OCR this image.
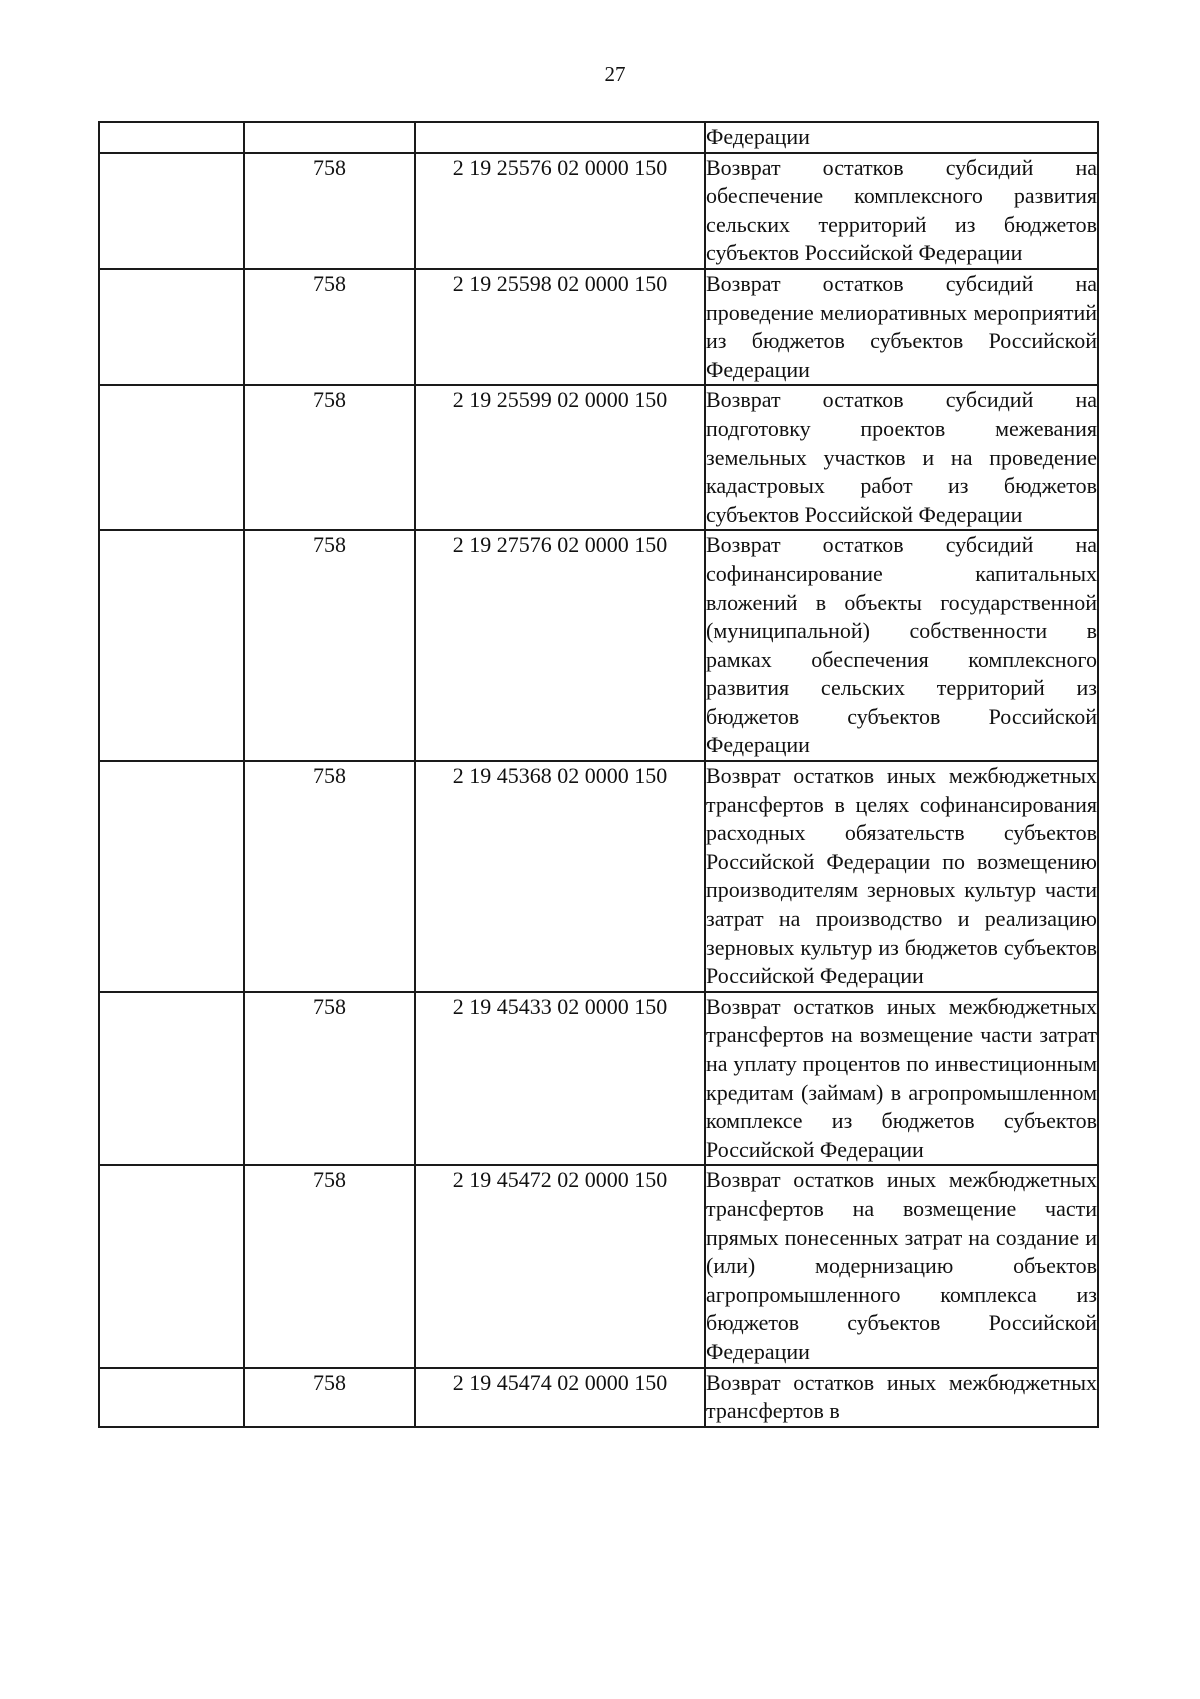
27
			Федерации
	758	2 19 25576 02 0000 150	Возврат остатков субсидий на обеспечение комплексного развития сельских территорий из бюджетов субъектов Российской Федерации
	758	2 19 25598 02 0000 150	Возврат остатков субсидий на проведение мелиоративных мероприятий из бюджетов субъектов Российской Федерации
	758	2 19 25599 02 0000 150	Возврат остатков субсидий на подготовку проектов межевания земельных участков и на проведение кадастровых работ из бюджетов субъектов Российской Федерации
	758	2 19 27576 02 0000 150	Возврат остатков субсидий на софинансирование капитальных вложений в объекты государственной (муниципальной) собственности в рамках обеспечения комплексного развития сельских территорий из бюджетов субъектов Российской Федерации
	758	2 19 45368 02 0000 150	Возврат остатков иных межбюджетных трансфертов в целях софинансирования расходных обязательств субъектов Российской Федерации по возмещению производителям зерновых культур части затрат на производство и реализацию зерновых культур из бюджетов субъектов Российской Федерации
	758	2 19 45433 02 0000 150	Возврат остатков иных межбюджетных трансфертов на возмещение части затрат на уплату процентов по инвестиционным кредитам (займам) в агропромышленном комплексе из бюджетов субъектов Российской Федерации
	758	2 19 45472 02 0000 150	Возврат остатков иных межбюджетных трансфертов на возмещение части прямых понесенных затрат на создание и (или) модернизацию объектов агропромышленного комплекса из бюджетов субъектов Российской Федерации
	758	2 19 45474 02 0000 150	Возврат остатков иных межбюджетных трансфертов в
